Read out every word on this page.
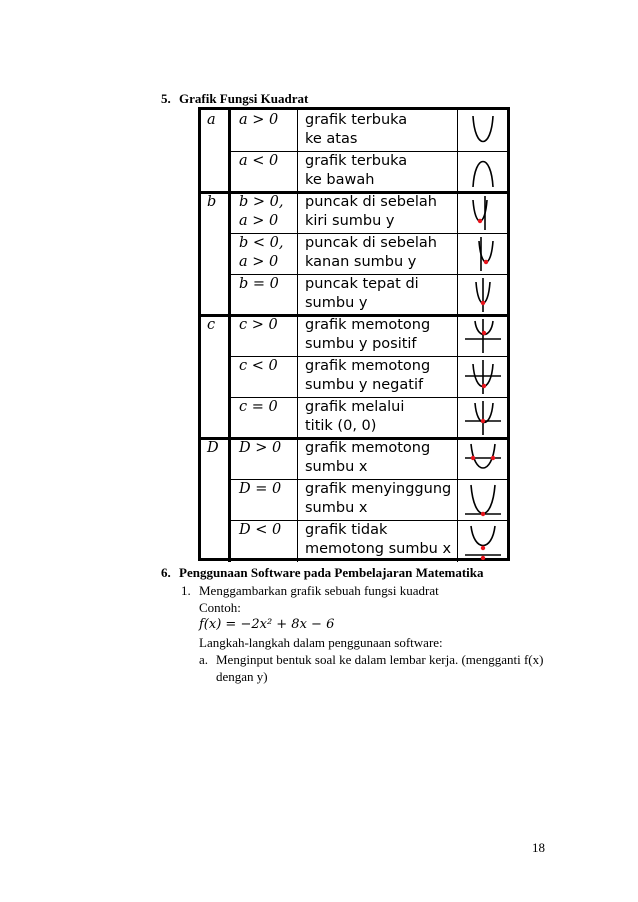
5. Grafik Fungsi Kuadrat
a a > 0 grafik terbuka
ke atas
a < 0 grafik terbuka
ke bawah
b b > 0,
a > 0
puncak di sebelah
kiri sumbu y
b < 0,
a > 0
puncak di sebelah
kanan sumbu y
b = 0 puncak tepat di
sumbu y
c c > 0 grafik memotong
sumbu y positif
c < 0 grafik memotong
sumbu y negatif
c = 0 grafik melalui
titik (0, 0)
D D > 0 grafik memotong
sumbu x
D = 0 grafik menyinggung
sumbu x
D < 0 grafik tidak
memotong sumbu x
6. Penggunaan Software pada Pembelajaran Matematika
1. Menggambarkan grafik sebuah fungsi kuadrat
Contoh:
f(x) = −2x² + 8x − 6
Langkah-langkah dalam penggunaan software:
a. Menginput bentuk soal ke dalam lembar kerja. (mengganti f(x)
dengan y)
18
